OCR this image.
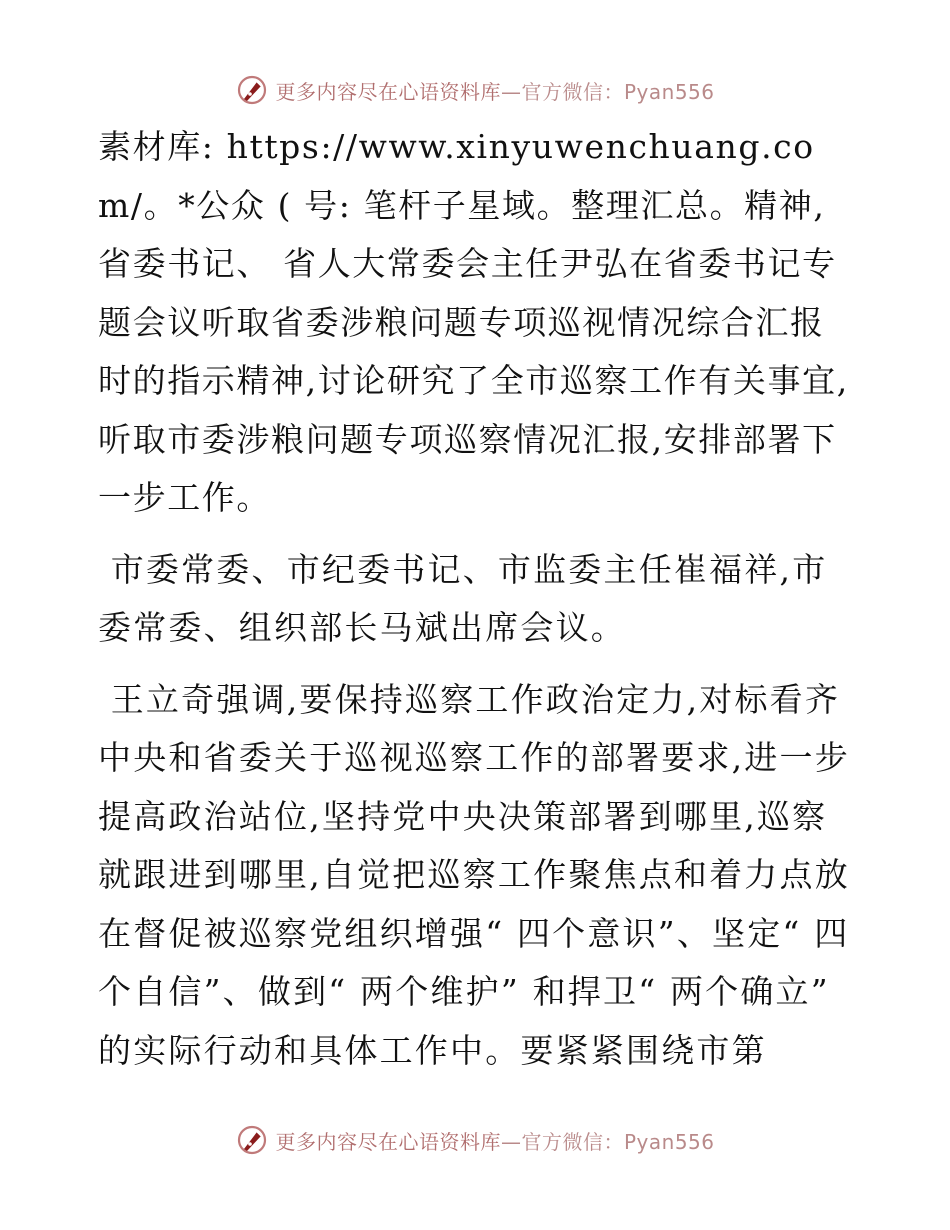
更多内容尽在心语资料库—官方微信：Pyan556

素材库: https://www.xinyuwenchuang.com/。*公众 ( 号: 笔杆子星域。整理汇总。精神,省委书记、 省人大常委会主任尹弘在省委书记专题会议听取省委涉粮问题专项巡视情况综合汇报时的指示精神,讨论研究了全市巡察工作有关事宜,听取市委涉粮问题专项巡察情况汇报,安排部署下一步工作。

市委常委、市纪委书记、市监委主任崔福祥,市委常委、组织部长马斌出席会议。

王立奇强调,要保持巡察工作政治定力,对标看齐中央和省委关于巡视巡察工作的部署要求,进一步提高政治站位,坚持党中央决策部署到哪里,巡察就跟进到哪里,自觉把巡察工作聚焦点和着力点放在督促被巡察党组织增强“ 四个意识”、坚定“ 四个自信”、做到“ 两个维护” 和捍卫“ 两个确立” 的实际行动和具体工作中。要紧紧围绕市第

更多内容尽在心语资料库—官方微信：Pyan556
